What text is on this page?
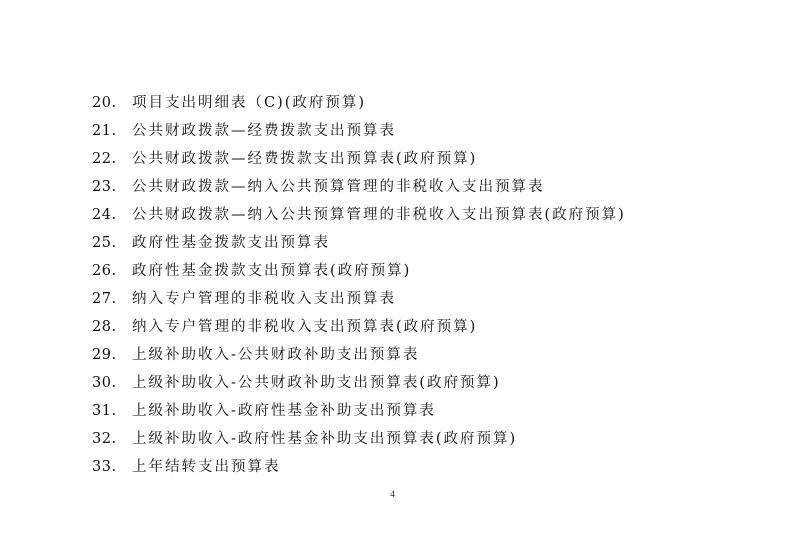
20.	项目支出明细表（C)(政府预算)
21.	公共财政拨款—经费拨款支出预算表
22.	公共财政拨款—经费拨款支出预算表(政府预算)
23.	公共财政拨款—纳入公共预算管理的非税收入支出预算表
24.	公共财政拨款—纳入公共预算管理的非税收入支出预算表(政府预算)
25.	政府性基金拨款支出预算表
26.	政府性基金拨款支出预算表(政府预算)
27.	纳入专户管理的非税收入支出预算表
28.	纳入专户管理的非税收入支出预算表(政府预算)
29.	上级补助收入-公共财政补助支出预算表
30.	上级补助收入-公共财政补助支出预算表(政府预算)
31.	上级补助收入-政府性基金补助支出预算表
32.	上级补助收入-政府性基金补助支出预算表(政府预算)
33.	上年结转支出预算表
4
